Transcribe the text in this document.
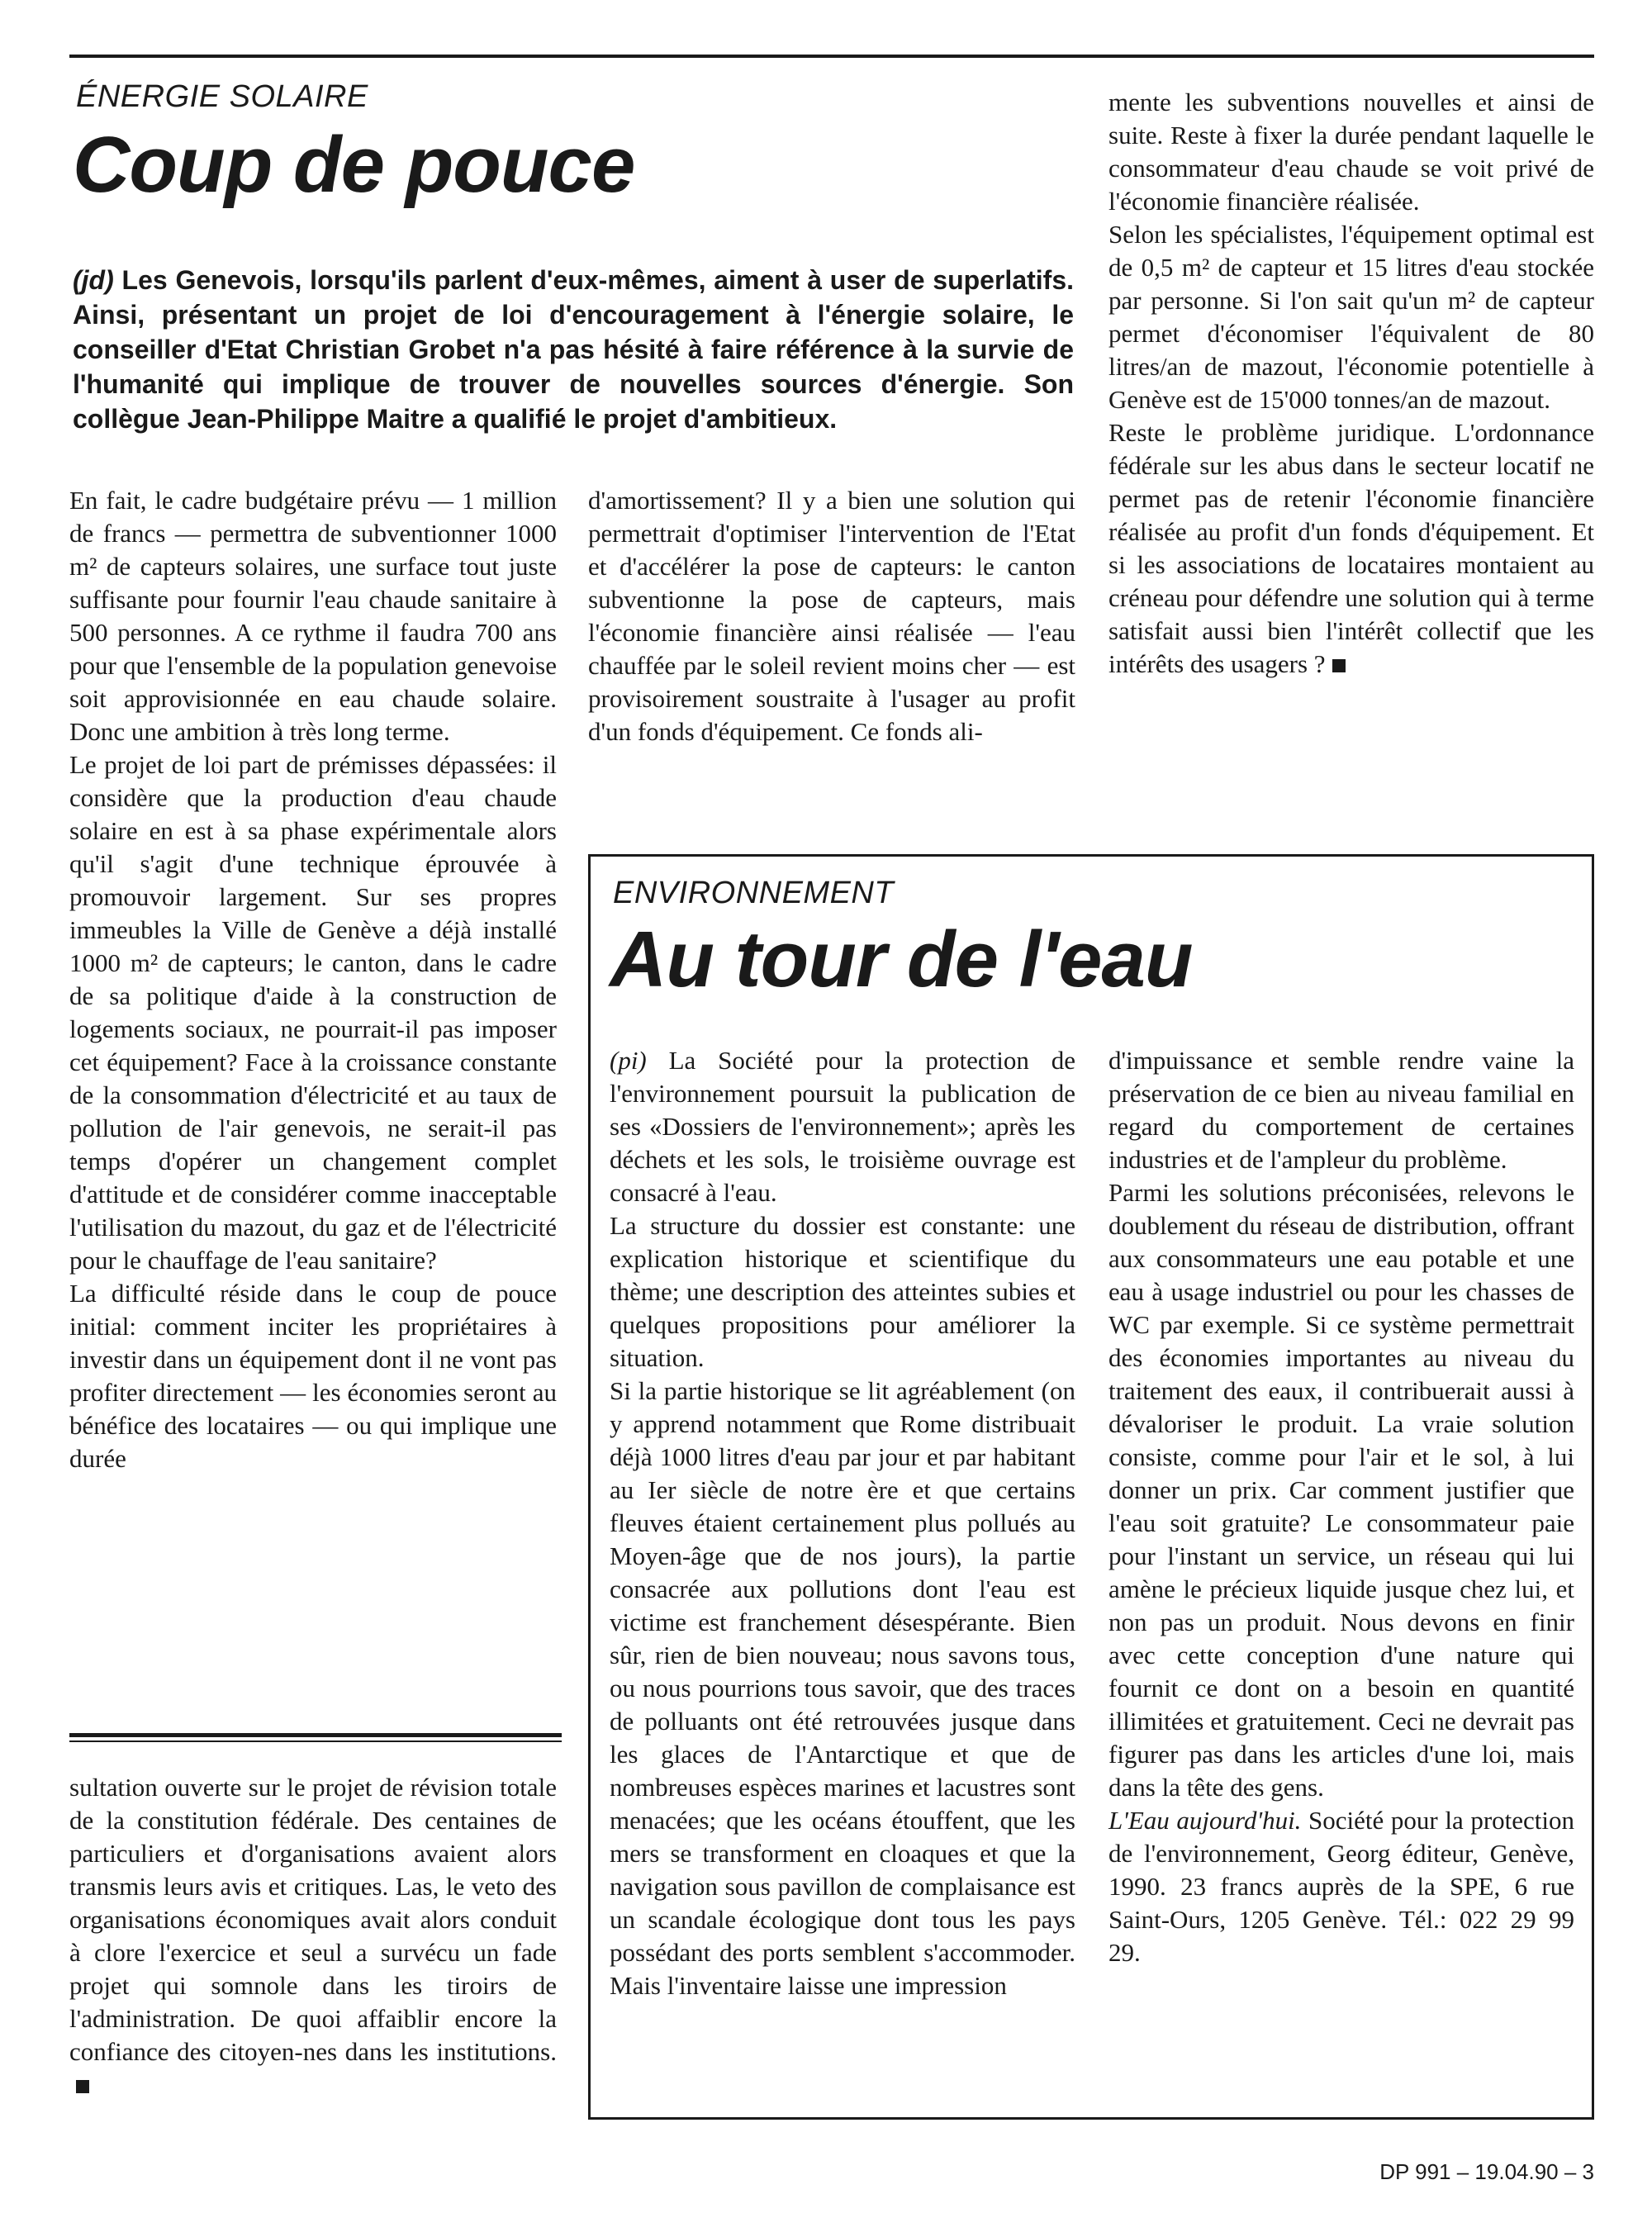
ÉNERGIE SOLAIRE
Coup de pouce
(jd) Les Genevois, lorsqu'ils parlent d'eux-mêmes, aiment à user de superlatifs. Ainsi, présentant un projet de loi d'encouragement à l'énergie solaire, le conseiller d'Etat Christian Grobet n'a pas hésité à faire référence à la survie de l'humanité qui implique de trouver de nouvelles sources d'énergie. Son collègue Jean-Philippe Maitre a qualifié le projet d'ambitieux.

En fait, le cadre budgétaire prévu — 1 million de francs — permettra de subventionner 1000 m² de capteurs solaires, une surface tout juste suffisante pour fournir l'eau chaude sanitaire à 500 personnes. A ce rythme il faudra 700 ans pour que l'ensemble de la population genevoise soit approvisionnée en eau chaude solaire. Donc une ambition à très long terme.

Le projet de loi part de prémisses dépassées: il considère que la production d'eau chaude solaire en est à sa phase expérimentale alors qu'il s'agit d'une technique éprouvée à promouvoir largement. Sur ses propres immeubles la Ville de Genève a déjà installé 1000 m² de capteurs; le canton, dans le cadre de sa politique d'aide à la construction de logements sociaux, ne pourrait-il pas imposer cet équipement? Face à la croissance constante de la consommation d'électricité et au taux de pollution de l'air genevois, ne serait-il pas temps d'opérer un changement complet d'attitude et de considérer comme inacceptable l'utilisation du mazout, du gaz et de l'électricité pour le chauffage de l'eau sanitaire?

La difficulté réside dans le coup de pouce initial: comment inciter les propriétaires à investir dans un équipement dont il ne vont pas profiter directement — les économies seront au bénéfice des locataires — ou qui implique une durée

d'amortissement? Il y a bien une solution qui permettrait d'optimiser l'intervention de l'Etat et d'accélérer la pose de capteurs: le canton subventionne la pose de capteurs, mais l'économie financière ainsi réalisée — l'eau chauffée par le soleil revient moins cher — est provisoirement soustraite à l'usager au profit d'un fonds d'équipement. Ce fonds ali-

mente les subventions nouvelles et ainsi de suite. Reste à fixer la durée pendant laquelle le consommateur d'eau chaude se voit privé de l'économie financière réalisée.

Selon les spécialistes, l'équipement optimal est de 0,5 m² de capteur et 15 litres d'eau stockée par personne. Si l'on sait qu'un m² de capteur permet d'économiser l'équivalent de 80 litres/an de mazout, l'économie potentielle à Genève est de 15'000 tonnes/an de mazout.

Reste le problème juridique. L'ordonnance fédérale sur les abus dans le secteur locatif ne permet pas de retenir l'économie financière réalisée au profit d'un fonds d'équipement. Et si les associations de locataires montaient au créneau pour défendre une solution qui à terme satisfait aussi bien l'intérêt collectif que les intérêts des usagers ?

sultation ouverte sur le projet de révision totale de la constitution fédérale. Des centaines de particuliers et d'organisations avaient alors transmis leurs avis et critiques. Las, le veto des organisations économiques avait alors conduit à clore l'exercice et seul a survécu un fade projet qui somnole dans les tiroirs de l'administration. De quoi affaiblir encore la confiance des citoyen-nes dans les institutions.

ENVIRONNEMENT
Au tour de l'eau

(pi) La Société pour la protection de l'environnement poursuit la publication de ses «Dossiers de l'environnement»; après les déchets et les sols, le troisième ouvrage est consacré à l'eau.

La structure du dossier est constante: une explication historique et scientifique du thème; une description des atteintes subies et quelques propositions pour améliorer la situation.

Si la partie historique se lit agréablement (on y apprend notamment que Rome distribuait déjà 1000 litres d'eau par jour et par habitant au Ier siècle de notre ère et que certains fleuves étaient certainement plus pollués au Moyen-âge que de nos jours), la partie consacrée aux pollutions dont l'eau est victime est franchement désespérante. Bien sûr, rien de bien nouveau; nous savons tous, ou nous pourrions tous savoir, que des traces de polluants ont été retrouvées jusque dans les glaces de l'Antarctique et que de nombreuses espèces marines et lacustres sont menacées; que les océans étouffent, que les mers se transforment en cloaques et que la navigation sous pavillon de complaisance est un scandale écologique dont tous les pays possédant des ports semblent s'accommoder. Mais l'inventaire laisse une impression

d'impuissance et semble rendre vaine la préservation de ce bien au niveau familial en regard du comportement de certaines industries et de l'ampleur du problème.

Parmi les solutions préconisées, relevons le doublement du réseau de distribution, offrant aux consommateurs une eau potable et une eau à usage industriel ou pour les chasses de WC par exemple. Si ce système permettrait des économies importantes au niveau du traitement des eaux, il contribuerait aussi à dévaloriser le produit. La vraie solution consiste, comme pour l'air et le sol, à lui donner un prix. Car comment justifier que l'eau soit gratuite? Le consommateur paie pour l'instant un service, un réseau qui lui amène le précieux liquide jusque chez lui, et non pas un produit. Nous devons en finir avec cette conception d'une nature qui fournit ce dont on a besoin en quantité illimitées et gratuitement. Ceci ne devrait pas figurer pas dans les articles d'une loi, mais dans la tête des gens.

L'Eau aujourd'hui. Société pour la protection de l'environnement, Georg éditeur, Genève, 1990. 23 francs auprès de la SPE, 6 rue Saint-Ours, 1205 Genève. Tél.: 022 29 99 29.

DP 991 – 19.04.90 – 3
